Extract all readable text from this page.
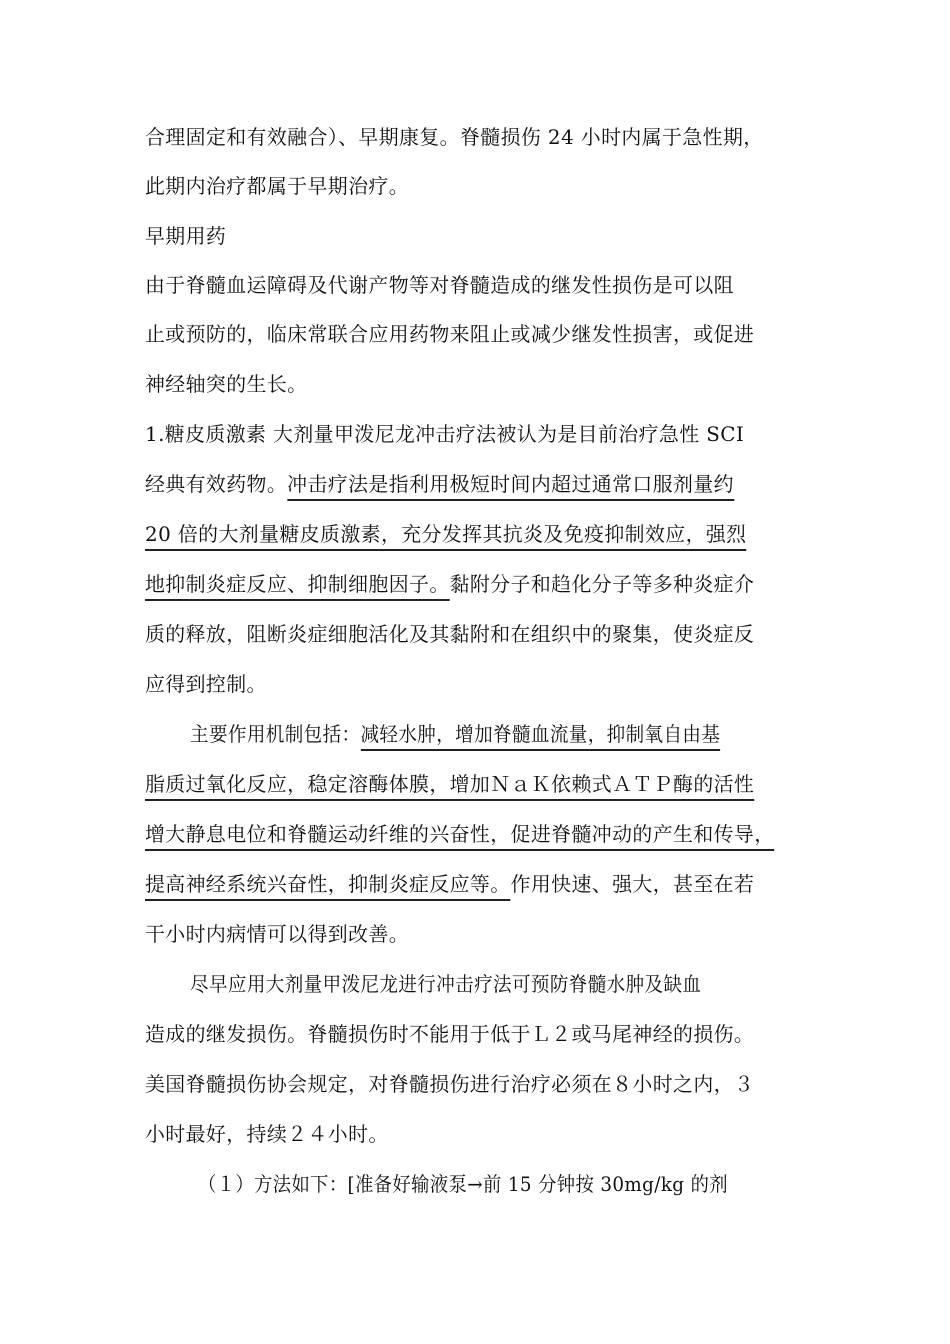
合理固定和有效融合）、早期康复。脊髓损伤 24 小时内属于急性期，
此期内治疗都属于早期治疗。
早期用药
由于脊髓血运障碍及代谢产物等对脊髓造成的继发性损伤是可以阻
止或预防的，临床常联合应用药物来阻止或减少继发性损害，或促进
神经轴突的生长。
1.糖皮质激素 大剂量甲泼尼龙冲击疗法被认为是目前治疗急性 SCI
经典有效药物。冲击疗法是指利用极短时间内超过通常口服剂量约
20 倍的大剂量糖皮质激素，充分发挥其抗炎及免疫抑制效应，强烈
地抑制炎症反应、抑制细胞因子。黏附分子和趋化分子等多种炎症介
质的释放，阻断炎症细胞活化及其黏附和在组织中的聚集，使炎症反
应得到控制。
主要作用机制包括：减轻水肿，增加脊髓血流量，抑制氧自由基
脂质过氧化反应，稳定溶酶体膜，增加ＮａＫ依赖式ＡＴＰ酶的活性
增大静息电位和脊髓运动纤维的兴奋性，促进脊髓冲动的产生和传导，
提高神经系统兴奋性，抑制炎症反应等。作用快速、强大，甚至在若
干小时内病情可以得到改善。
尽早应用大剂量甲泼尼龙进行冲击疗法可预防脊髓水肿及缺血
造成的继发损伤。脊髓损伤时不能用于低于Ｌ２或马尾神经的损伤。
美国脊髓损伤协会规定，对脊髓损伤进行治疗必须在８小时之内，３
小时最好，持续２４小时。
（１）方法如下：[准备好输液泵→前 15 分钟按 30mg/kg 的剂
